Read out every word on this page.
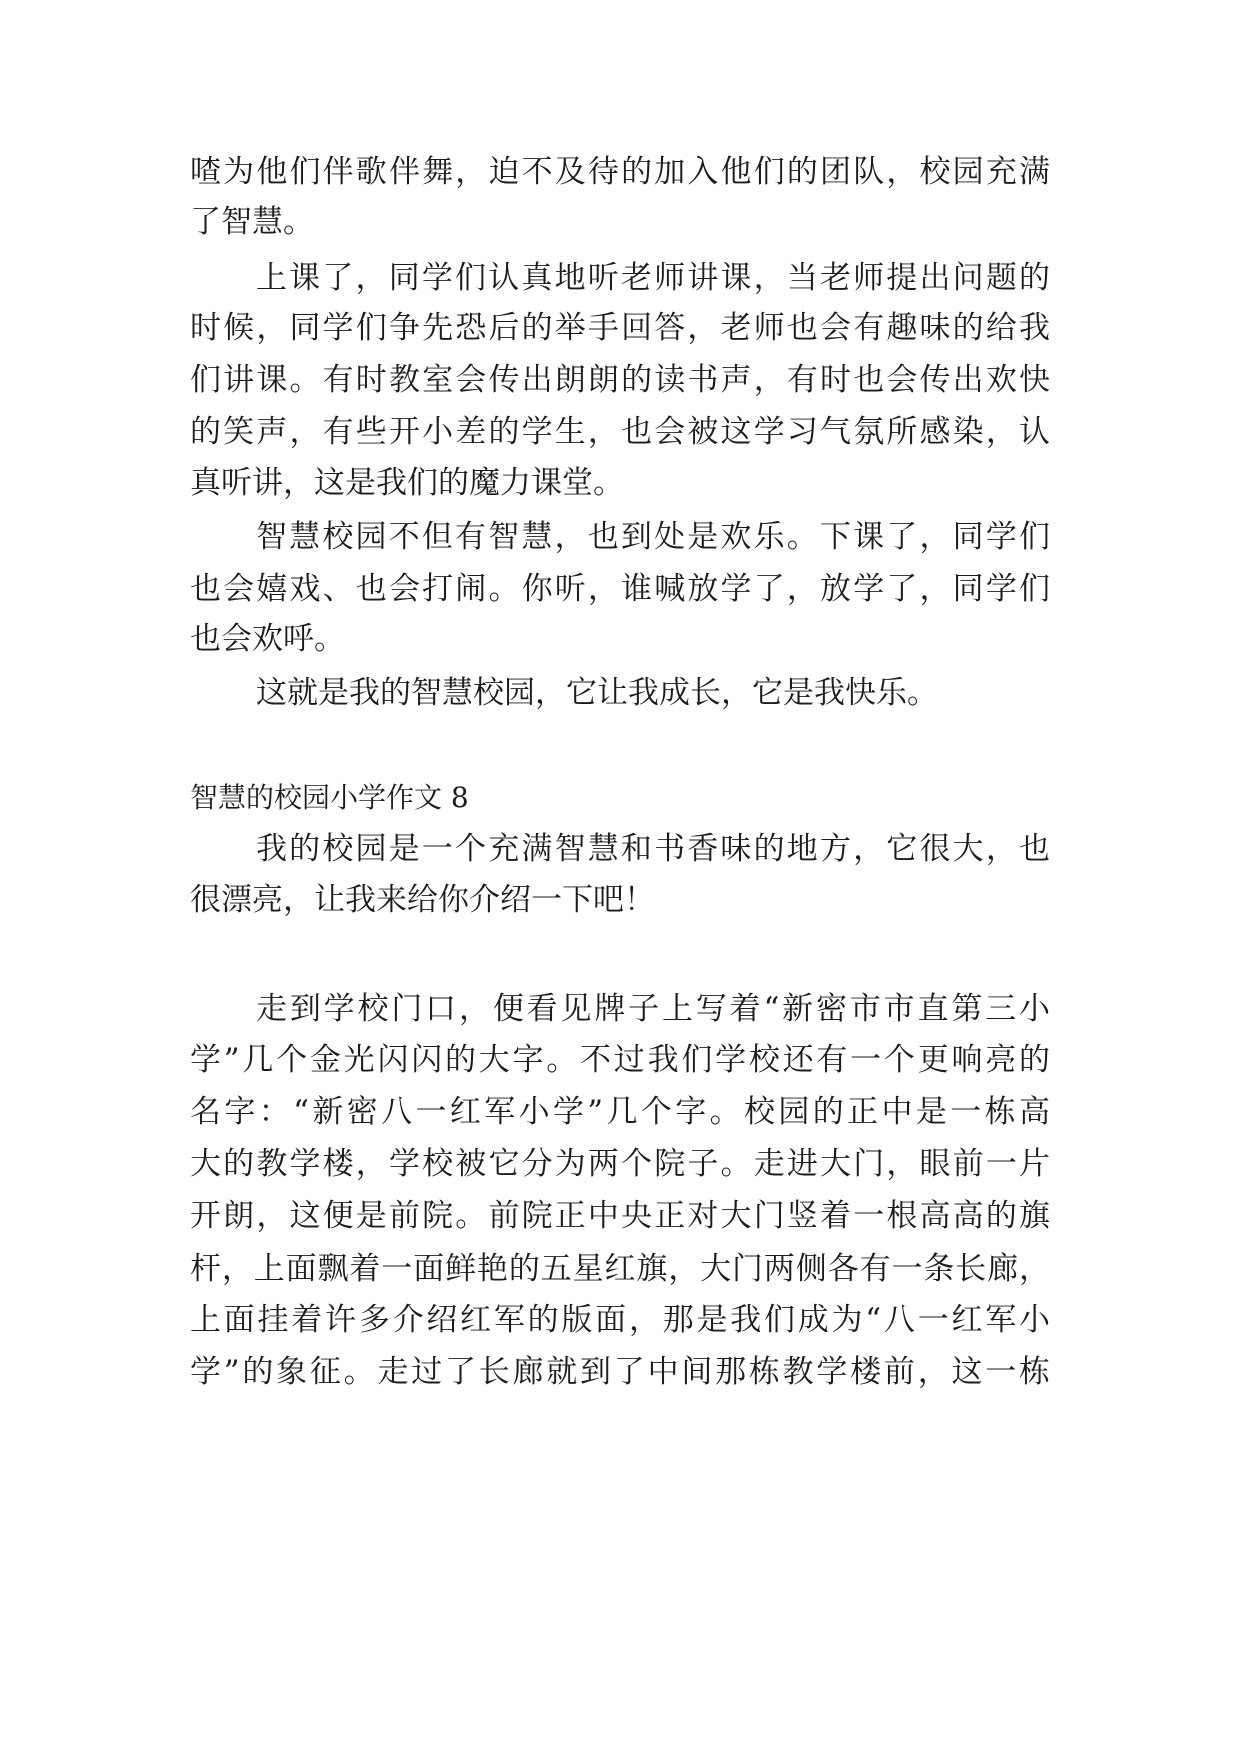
喳为他们伴歌伴舞，迫不及待的加入他们的团队，校园充满
了智慧。
上课了，同学们认真地听老师讲课，当老师提出问题的
时候，同学们争先恐后的举手回答，老师也会有趣味的给我
们讲课。有时教室会传出朗朗的读书声，有时也会传出欢快
的笑声，有些开小差的学生，也会被这学习气氛所感染，认
真听讲，这是我们的魔力课堂。
智慧校园不但有智慧，也到处是欢乐。下课了，同学们
也会嬉戏、也会打闹。你听，谁喊放学了，放学了，同学们
也会欢呼。
这就是我的智慧校园，它让我成长，它是我快乐。
智慧的校园小学作文 8
我的校园是一个充满智慧和书香味的地方，它很大，也
很漂亮，让我来给你介绍一下吧！
走到学校门口，便看见牌子上写着“新密市市直第三小
学”几个金光闪闪的大字。不过我们学校还有一个更响亮的
名字：“新密八一红军小学”几个字。校园的正中是一栋高
大的教学楼，学校被它分为两个院子。走进大门，眼前一片
开朗，这便是前院。前院正中央正对大门竖着一根高高的旗
杆，上面飘着一面鲜艳的五星红旗，大门两侧各有一条长廊，
上面挂着许多介绍红军的版面，那是我们成为“八一红军小
学”的象征。走过了长廊就到了中间那栋教学楼前，这一栋
